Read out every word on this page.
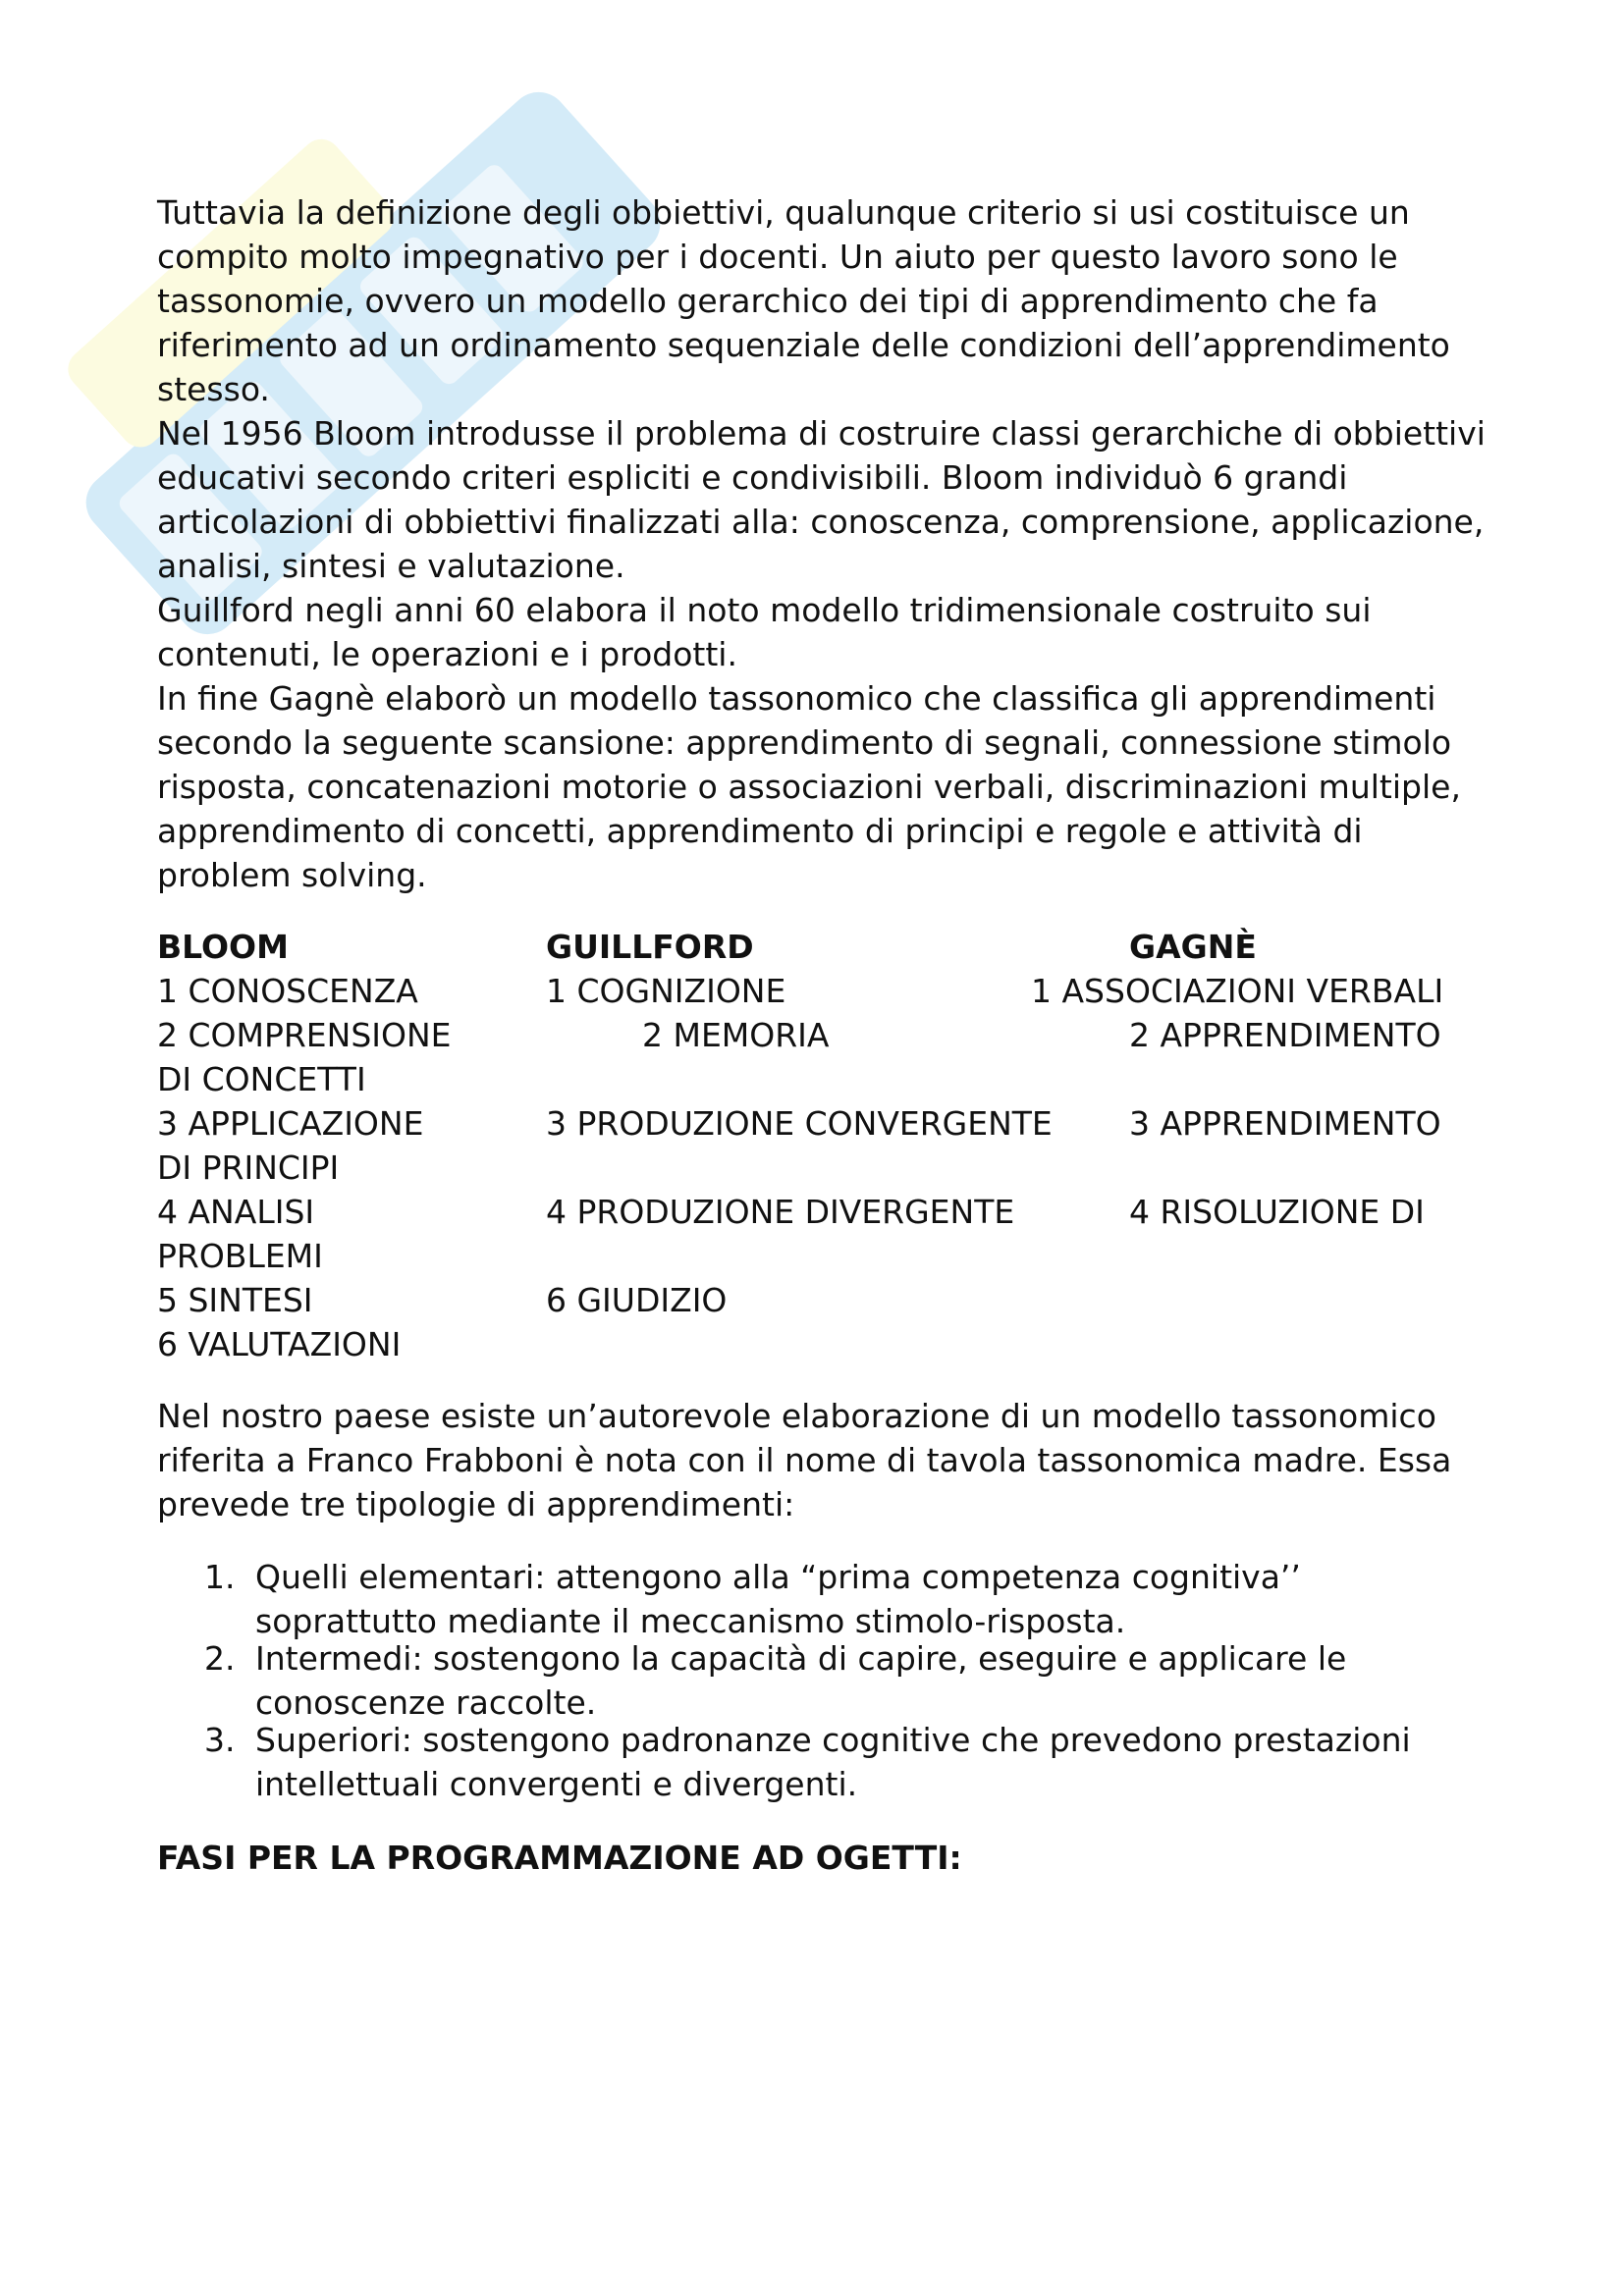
Tuttavia la definizione degli obbiettivi, qualunque criterio si usi costituisce un compito molto impegnativo per i docenti. Un aiuto per questo lavoro sono le tassonomie, ovvero un modello gerarchico dei tipi di apprendimento che fa riferimento ad un ordinamento sequenziale delle condizioni dell’apprendimento stesso.

Nel 1956 Bloom introdusse il problema di costruire classi gerarchiche di obbiettivi educativi secondo criteri espliciti e condivisibili. Bloom individuò 6 grandi articolazioni di obbiettivi finalizzati alla: conoscenza, comprensione, applicazione, analisi, sintesi e valutazione.

Guillford negli anni 60 elabora il noto modello tridimensionale costruito sui contenuti, le operazioni e i prodotti.

In fine Gagnè elaborò un modello tassonomico che classifica gli apprendimenti secondo la seguente scansione: apprendimento di segnali, connessione stimolo risposta, concatenazioni motorie o associazioni verbali, discriminazioni multiple, apprendimento di concetti, apprendimento di principi e regole e attività di problem solving.

BLOOM	GUILLFORD	GAGNÈ
1 CONOSCENZA
2 COMPRENSIONE
DI CONCETTI
3 APPLICAZIONE
DI PRINCIPI
4 ANALISI
PROBLEMI
5 SINTESI
6 VALUTAZIONI
1 COGNIZIONE
2 MEMORIA
3 PRODUZIONE CONVERGENTE
4 PRODUZIONE DIVERGENTE
6 GIUDIZIO
1 ASSOCIAZIONI VERBALI
2 APPRENDIMENTO
3 APPRENDIMENTO
4 RISOLUZIONE DI

Nel nostro paese esiste un’autorevole elaborazione di un modello tassonomico riferita a Franco Frabboni è nota con il nome di tavola tassonomica madre. Essa prevede tre tipologie di apprendimenti:

1. Quelli elementari: attengono alla “prima competenza cognitiva’’ soprattutto mediante il meccanismo stimolo-risposta.
2. Intermedi: sostengono la capacità di capire, eseguire e applicare le conoscenze raccolte.
3. Superiori: sostengono padronanze cognitive che prevedono prestazioni intellettuali convergenti e divergenti.
FASI PER LA PROGRAMMAZIONE AD OGETTI:
